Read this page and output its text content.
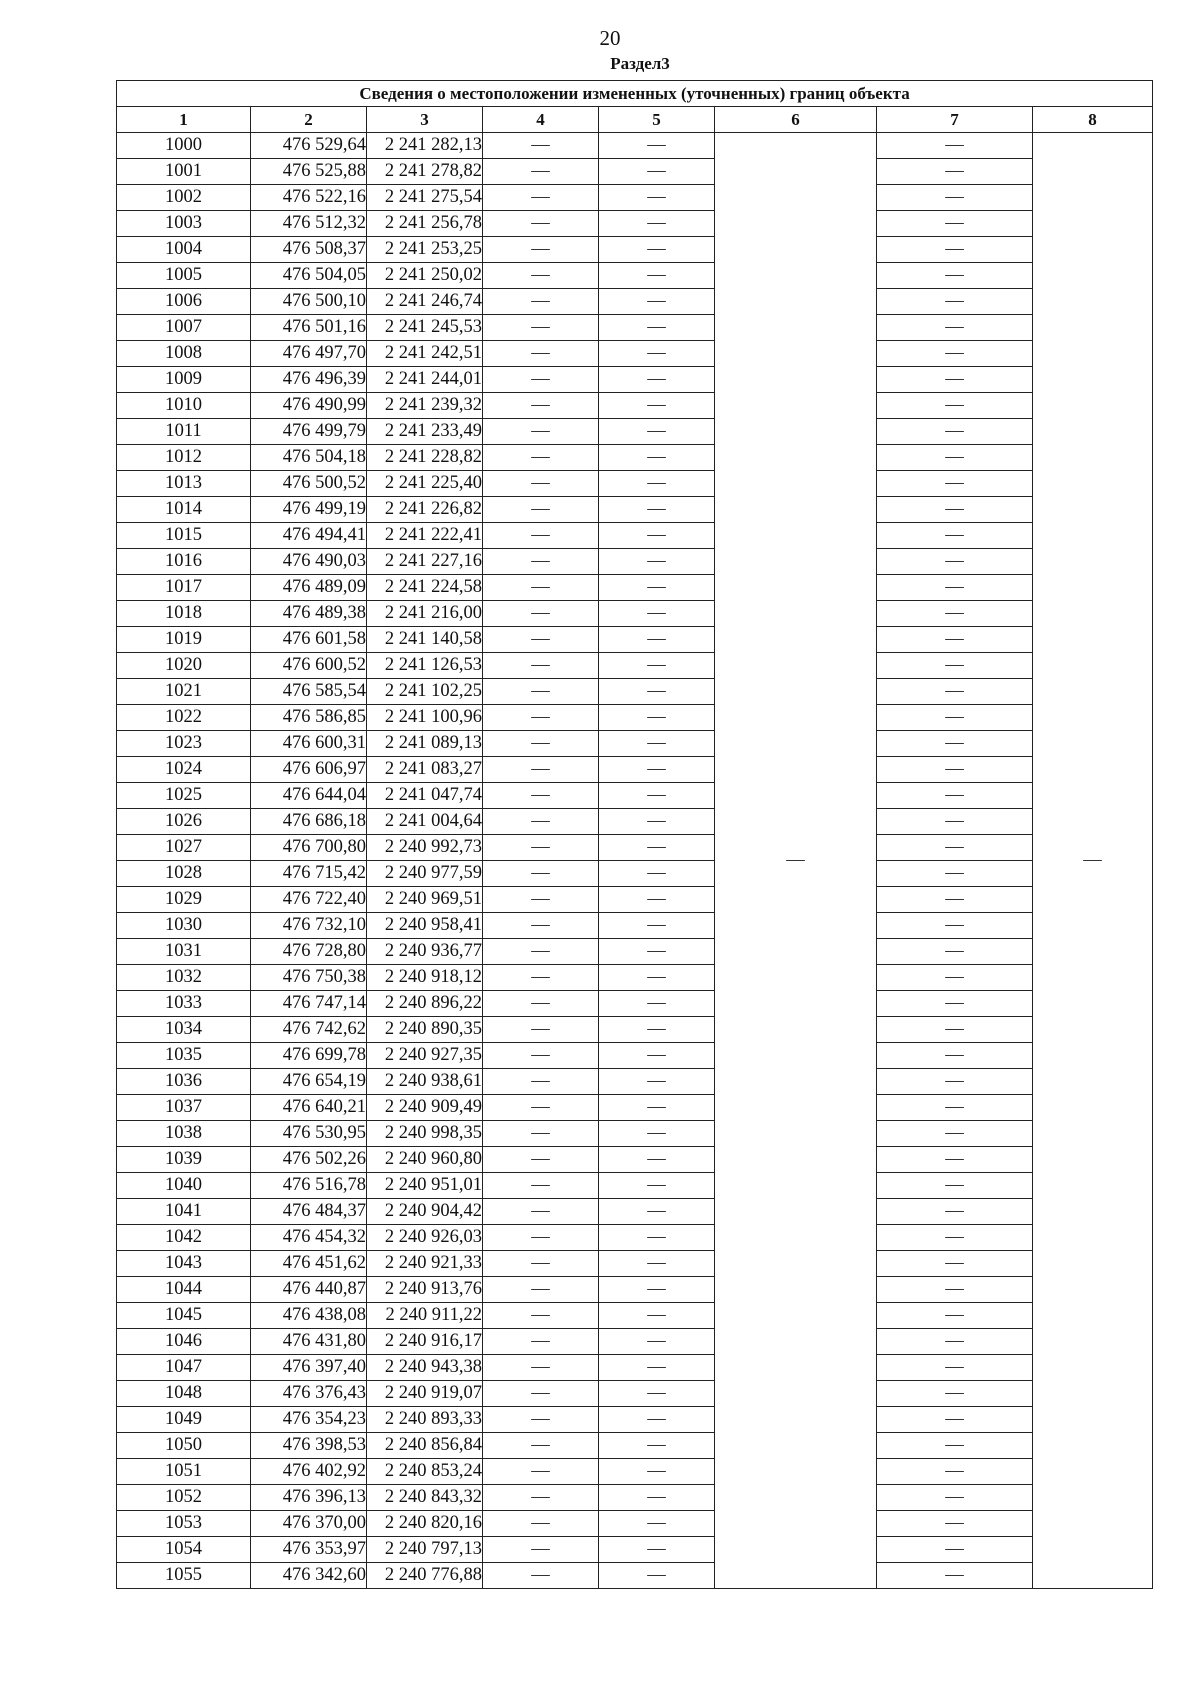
20
Раздел3
Сведения о местоположении измененных (уточненных) границ объекта							
1	2	3	4	5	6	7	8
1000	476 529,64	2 241 282,13	—	—	—	—	—
1001	476 525,88	2 241 278,82	—	—		—	
1002	476 522,16	2 241 275,54	—	—		—	
1003	476 512,32	2 241 256,78	—	—		—	
1004	476 508,37	2 241 253,25	—	—		—	
1005	476 504,05	2 241 250,02	—	—		—	
1006	476 500,10	2 241 246,74	—	—		—	
1007	476 501,16	2 241 245,53	—	—		—	
1008	476 497,70	2 241 242,51	—	—		—	
1009	476 496,39	2 241 244,01	—	—		—	
1010	476 490,99	2 241 239,32	—	—		—	
1011	476 499,79	2 241 233,49	—	—		—	
1012	476 504,18	2 241 228,82	—	—		—	
1013	476 500,52	2 241 225,40	—	—		—	
1014	476 499,19	2 241 226,82	—	—		—	
1015	476 494,41	2 241 222,41	—	—		—	
1016	476 490,03	2 241 227,16	—	—		—	
1017	476 489,09	2 241 224,58	—	—		—	
1018	476 489,38	2 241 216,00	—	—		—	
1019	476 601,58	2 241 140,58	—	—		—	
1020	476 600,52	2 241 126,53	—	—		—	
1021	476 585,54	2 241 102,25	—	—		—	
1022	476 586,85	2 241 100,96	—	—		—	
1023	476 600,31	2 241 089,13	—	—		—	
1024	476 606,97	2 241 083,27	—	—		—	
1025	476 644,04	2 241 047,74	—	—		—	
1026	476 686,18	2 241 004,64	—	—		—	
1027	476 700,80	2 240 992,73	—	—		—	
1028	476 715,42	2 240 977,59	—	—		—	
1029	476 722,40	2 240 969,51	—	—		—	
1030	476 732,10	2 240 958,41	—	—		—	
1031	476 728,80	2 240 936,77	—	—		—	
1032	476 750,38	2 240 918,12	—	—		—	
1033	476 747,14	2 240 896,22	—	—		—	
1034	476 742,62	2 240 890,35	—	—		—	
1035	476 699,78	2 240 927,35	—	—		—	
1036	476 654,19	2 240 938,61	—	—		—	
1037	476 640,21	2 240 909,49	—	—		—	
1038	476 530,95	2 240 998,35	—	—		—	
1039	476 502,26	2 240 960,80	—	—		—	
1040	476 516,78	2 240 951,01	—	—		—	
1041	476 484,37	2 240 904,42	—	—		—	
1042	476 454,32	2 240 926,03	—	—		—	
1043	476 451,62	2 240 921,33	—	—		—	
1044	476 440,87	2 240 913,76	—	—		—	
1045	476 438,08	2 240 911,22	—	—		—	
1046	476 431,80	2 240 916,17	—	—		—	
1047	476 397,40	2 240 943,38	—	—		—	
1048	476 376,43	2 240 919,07	—	—		—	
1049	476 354,23	2 240 893,33	—	—		—	
1050	476 398,53	2 240 856,84	—	—		—	
1051	476 402,92	2 240 853,24	—	—		—	
1052	476 396,13	2 240 843,32	—	—		—	
1053	476 370,00	2 240 820,16	—	—		—	
1054	476 353,97	2 240 797,13	—	—		—	
1055	476 342,60	2 240 776,88	—	—		—	
